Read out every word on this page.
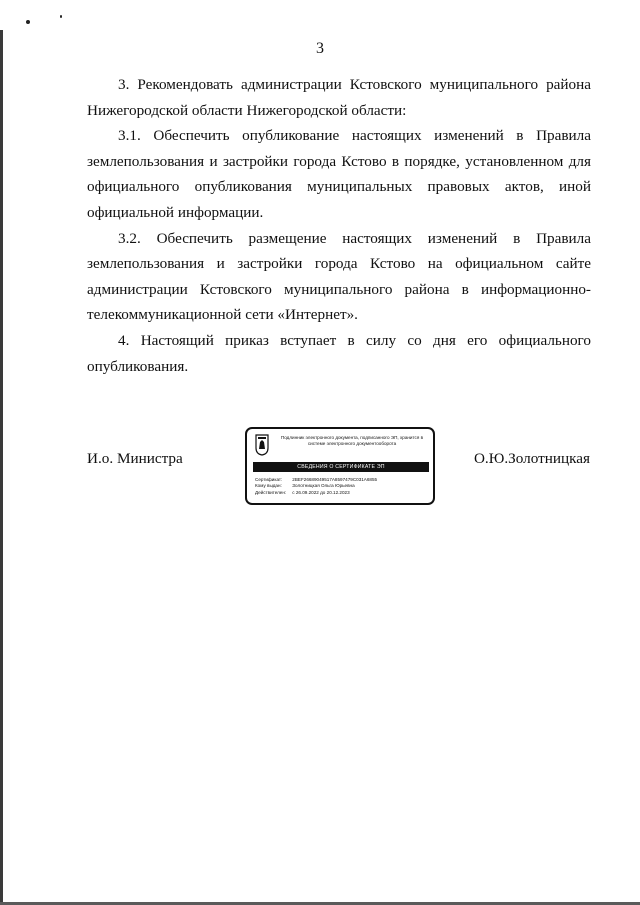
3

3. Рекомендовать администрации Кстовского муниципального района Нижегородской области Нижегородской области:

3.1. Обеспечить опубликование настоящих изменений в Правила землепользования и застройки города Кстово в порядке, установленном для официального опубликования муниципальных правовых актов, иной официальной информации.

3.2. Обеспечить размещение настоящих изменений в Правила землепользования и застройки города Кстово на официальном сайте администрации Кстовского муниципального района в информационно-телекоммуникационной сети «Интернет».

4. Настоящий приказ вступает в силу со дня его официального опубликования.

И.о. Министра
Подлинник электронного документа, подписанного ЭП, хранится в системе электронного документооборота
СВЕДЕНИЯ О СЕРТИФИКАТЕ ЭП
Сертификат: 2BEF26689049517A8597479C031A6855
Кому выдан: Золотницкая Ольга Юрьевна
Действителен: с 26.09.2022 до 20.12.2023
О.Ю.Золотницкая
